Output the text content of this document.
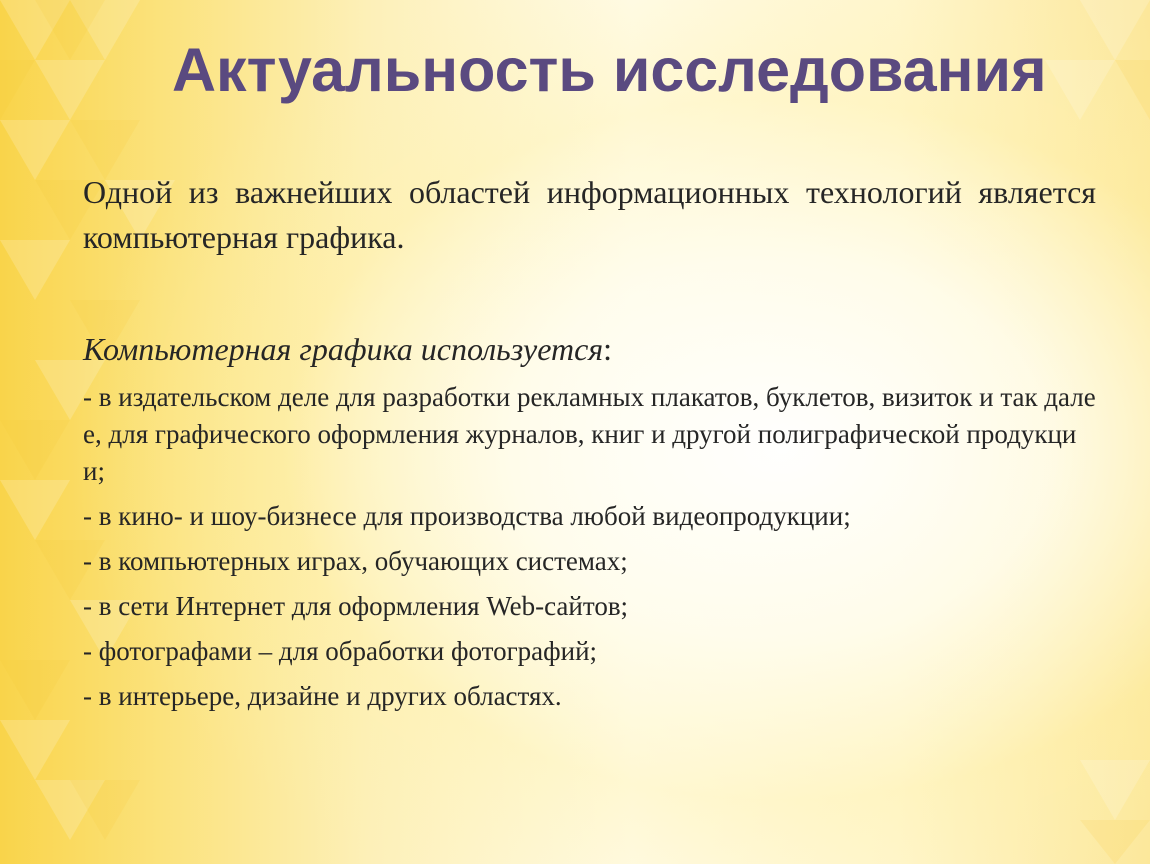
Актуальность исследования
Одной из важнейших областей информационных технологий является компьютерная графика.
Компьютерная графика используется:
- в издательском деле для разработки рекламных плакатов, буклетов, визиток и так далее, для графического оформления журналов, книг и другой полиграфической продукции;
- в кино- и шоу-бизнесе для производства любой видеопродукции;
- в компьютерных играх, обучающих системах;
- в сети Интернет для оформления Web-сайтов;
- фотографами – для обработки фотографий;
- в интерьере, дизайне и других областях.
